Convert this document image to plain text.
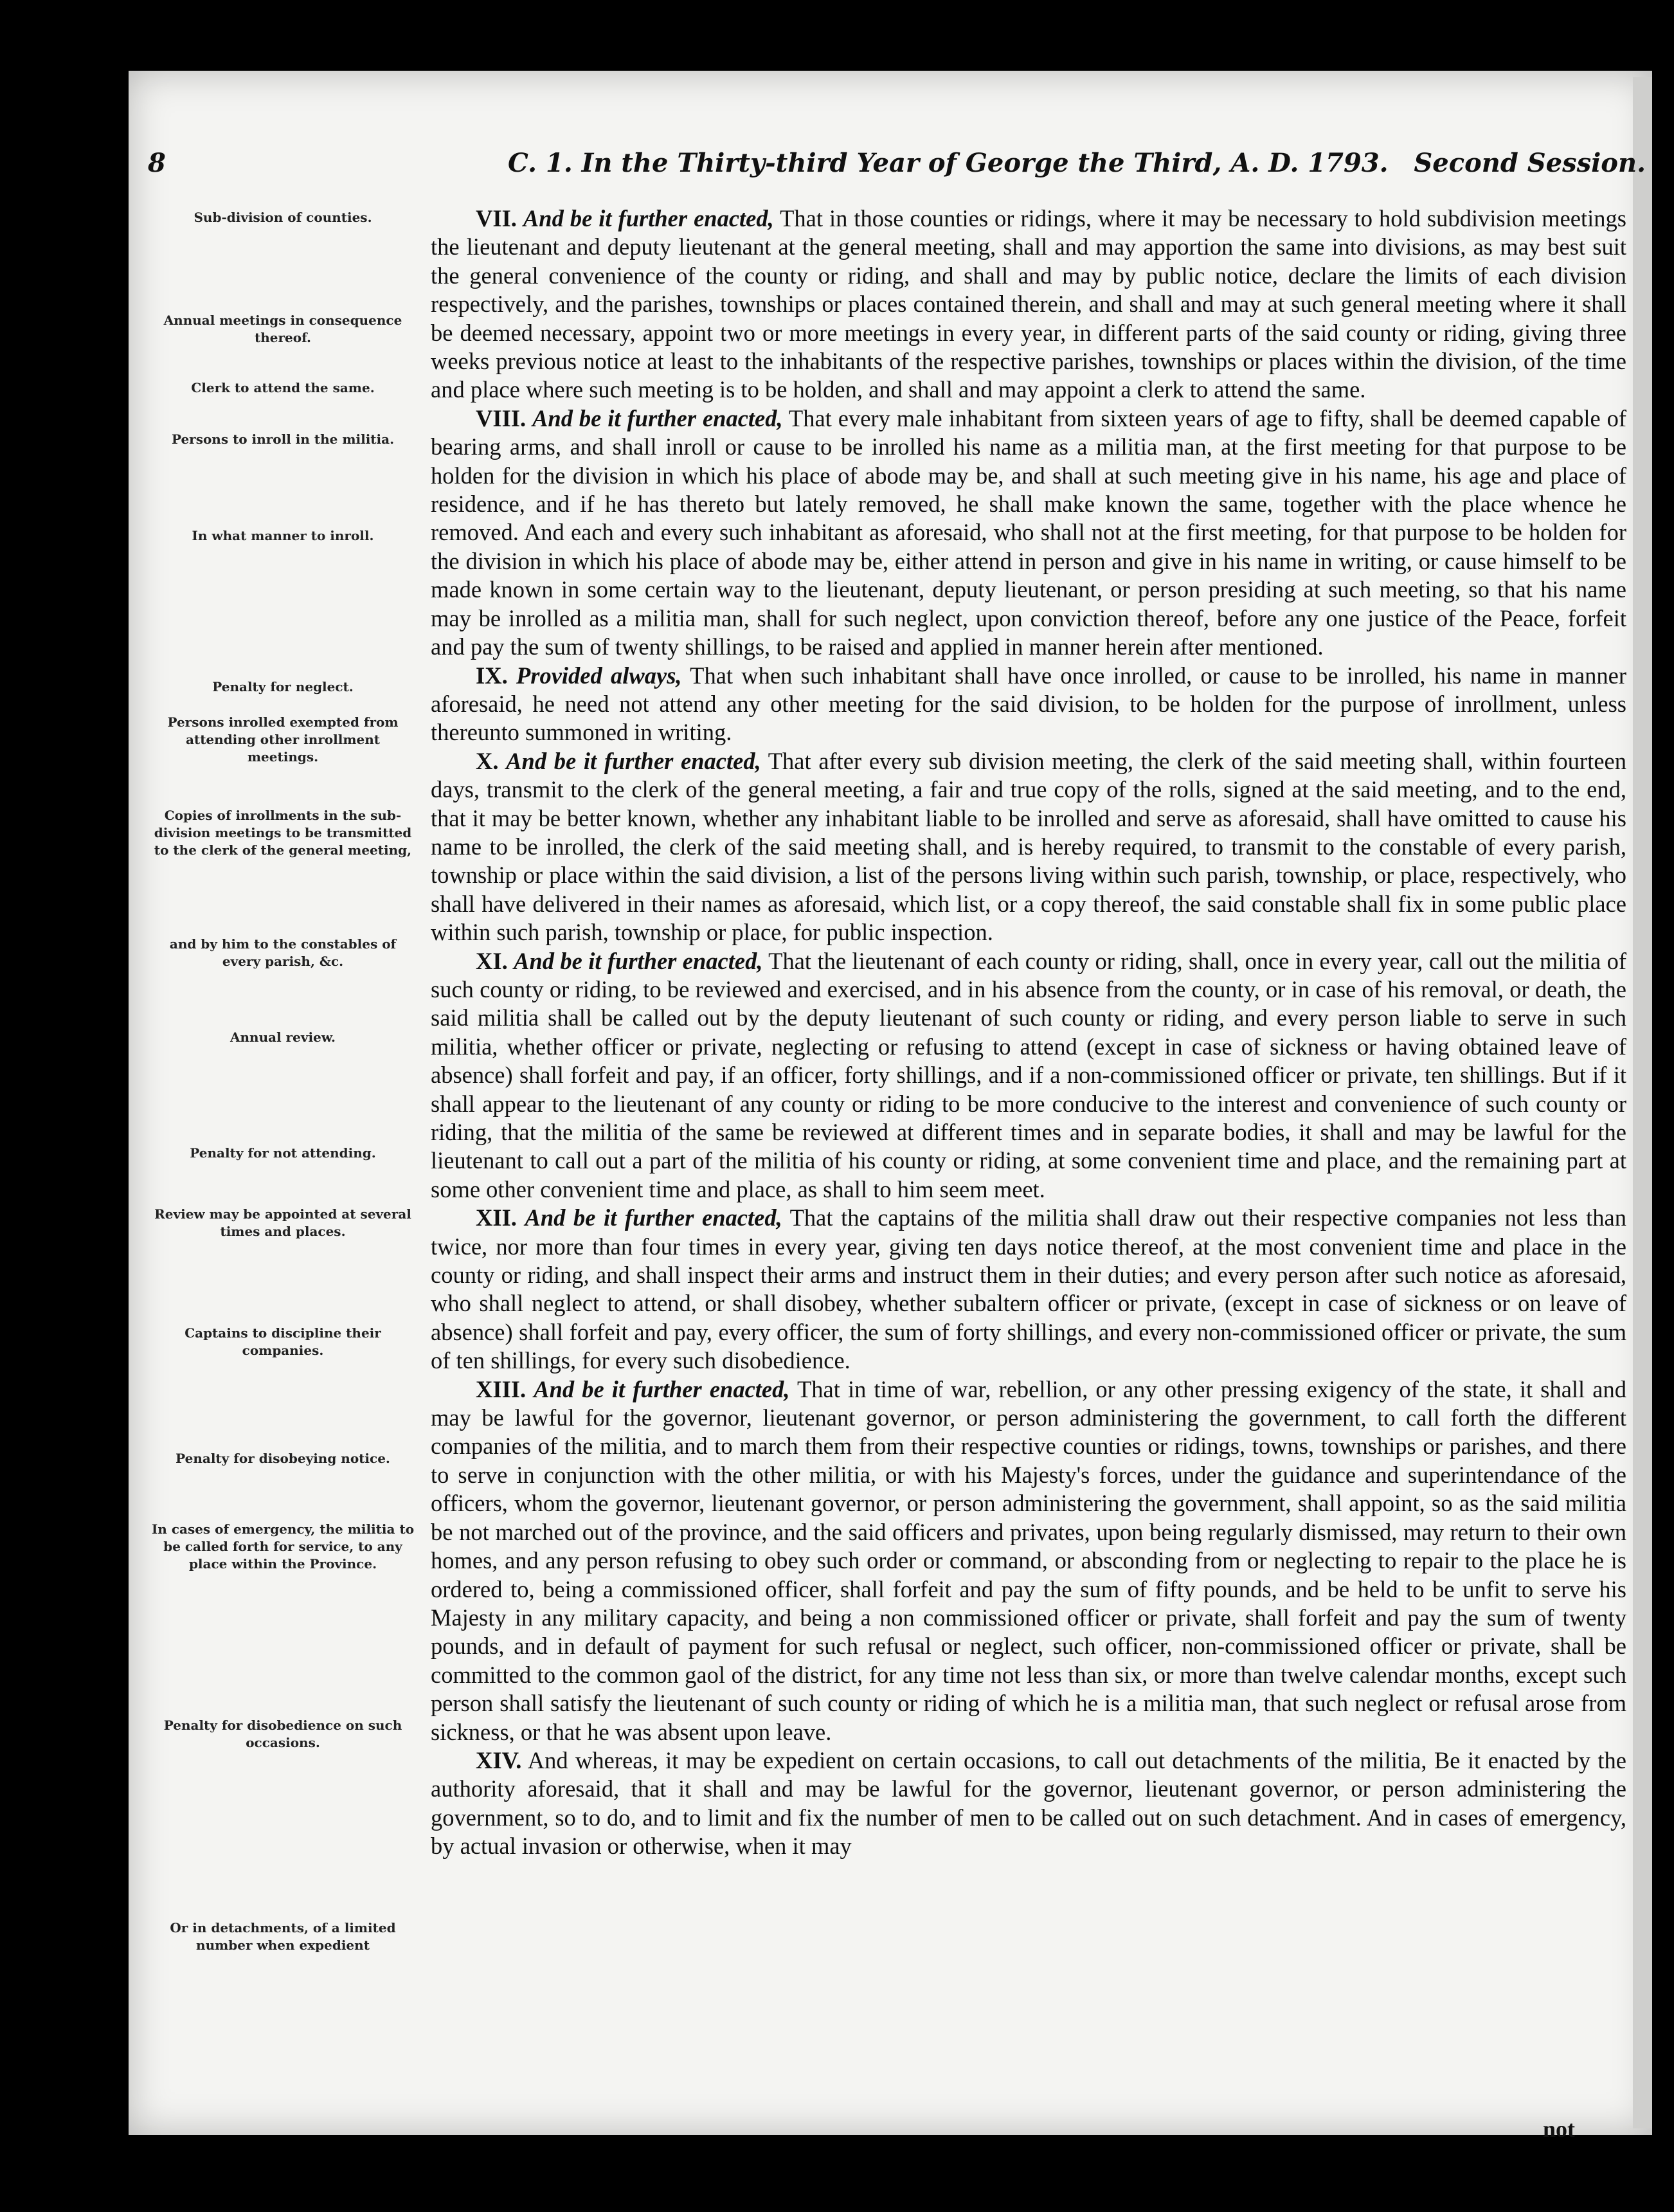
8	C. 1. In the Thirty-third Year of George the Third, A. D. 1793. Second Session.
Sub-division of counties.
Annual meetings in consequence thereof.
Clerk to attend the same.
Persons to inroll in the militia.
In what manner to inroll.
Penalty for neglect.
Persons inrolled exempted from attending other inrollment meetings.
Copies of inrollments in the sub-division meetings to be transmitted to the clerk of the general meeting,
and by him to the constables of every parish, &c.
Annual review.
Penalty for not attending.
Review may be appointed at several times and places.
Captains to discipline their companies.
Penalty for disobeying notice.
In cases of emergency, the militia to be called forth for service, to any place within the Province.
Penalty for disobedience on such occasions.
Or in detachments, of a limited number when expedient

VII. And be it further enacted, That in those counties or ridings, where it may be necessary to hold subdivision meetings the lieutenant and deputy lieutenant at the general meeting, shall and may apportion the same into divisions, as may best suit the general convenience of the county or riding, and shall and may by public notice, declare the limits of each division respectively, and the parishes, townships or places contained therein, and shall and may at such general meeting where it shall be deemed necessary, appoint two or more meetings in every year, in different parts of the said county or riding, giving three weeks previous notice at least to the inhabitants of the respective parishes, townships or places within the division, of the time and place where such meeting is to be holden, and shall and may appoint a clerk to attend the same.

VIII. And be it further enacted, That every male inhabitant from sixteen years of age to fifty, shall be deemed capable of bearing arms, and shall inroll or cause to be inrolled his name as a militia man, at the first meeting for that purpose to be holden for the division in which his place of abode may be, and shall at such meeting give in his name, his age and place of residence, and if he has thereto but lately removed, he shall make known the same, together with the place whence he removed. And each and every such inhabitant as aforesaid, who shall not at the first meeting, for that purpose to be holden for the division in which his place of abode may be, either attend in person and give in his name in writing, or cause himself to be made known in some certain way to the lieutenant, deputy lieutenant, or person presiding at such meeting, so that his name may be inrolled as a militia man, shall for such neglect, upon conviction thereof, before any one justice of the Peace, forfeit and pay the sum of twenty shillings, to be raised and applied in manner herein after mentioned.

IX. Provided always, That when such inhabitant shall have once inrolled, or cause to be inrolled, his name in manner aforesaid, he need not attend any other meeting for the said division, to be holden for the purpose of inrollment, unless thereunto summoned in writing.

X. And be it further enacted, That after every sub division meeting, the clerk of the said meeting shall, within fourteen days, transmit to the clerk of the general meeting, a fair and true copy of the rolls, signed at the said meeting, and to the end, that it may be better known, whether any inhabitant liable to be inrolled and serve as aforesaid, shall have omitted to cause his name to be inrolled, the clerk of the said meeting shall, and is hereby required, to transmit to the constable of every parish, township or place within the said division, a list of the persons living within such parish, township, or place, respectively, who shall have delivered in their names as aforesaid, which list, or a copy thereof, the said constable shall fix in some public place within such parish, township or place, for public inspection.

XI. And be it further enacted, That the lieutenant of each county or riding, shall, once in every year, call out the militia of such county or riding, to be reviewed and exercised, and in his absence from the county, or in case of his removal, or death, the said militia shall be called out by the deputy lieutenant of such county or riding, and every person liable to serve in such militia, whether officer or private, neglecting or refusing to attend (except in case of sickness or having obtained leave of absence) shall forfeit and pay, if an officer, forty shillings, and if a non-commissioned officer or private, ten shillings. But if it shall appear to the lieutenant of any county or riding to be more conducive to the interest and convenience of such county or riding, that the militia of the same be reviewed at different times and in separate bodies, it shall and may be lawful for the lieutenant to call out a part of the militia of his county or riding, at some convenient time and place, and the remaining part at some other convenient time and place, as shall to him seem meet.

XII. And be it further enacted, That the captains of the militia shall draw out their respective companies not less than twice, nor more than four times in every year, giving ten days notice thereof, at the most convenient time and place in the county or riding, and shall inspect their arms and instruct them in their duties; and every person after such notice as aforesaid, who shall neglect to attend, or shall disobey, whether subaltern officer or private, (except in case of sickness or on leave of absence) shall forfeit and pay, every officer, the sum of forty shillings, and every non-commissioned officer or private, the sum of ten shillings, for every such disobedience.

XIII. And be it further enacted, That in time of war, rebellion, or any other pressing exigency of the state, it shall and may be lawful for the governor, lieutenant governor, or person administering the government, to call forth the different companies of the militia, and to march them from their respective counties or ridings, towns, townships or parishes, and there to serve in conjunction with the other militia, or with his Majesty's forces, under the guidance and superintendance of the officers, whom the governor, lieutenant governor, or person administering the government, shall appoint, so as the said militia be not marched out of the province, and the said officers and privates, upon being regularly dismissed, may return to their own homes, and any person refusing to obey such order or command, or absconding from or neglecting to repair to the place he is ordered to, being a commissioned officer, shall forfeit and pay the sum of fifty pounds, and be held to be unfit to serve his Majesty in any military capacity, and being a non commissioned officer or private, shall forfeit and pay the sum of twenty pounds, and in default of payment for such refusal or neglect, such officer, non-commissioned officer or private, shall be committed to the common gaol of the district, for any time not less than six, or more than twelve calendar months, except such person shall satisfy the lieutenant of such county or riding of which he is a militia man, that such neglect or refusal arose from sickness, or that he was absent upon leave.

XIV. And whereas, it may be expedient on certain occasions, to call out detachments of the militia, Be it enacted by the authority aforesaid, that it shall and may be lawful for the governor, lieutenant governor, or person administering the government, so to do, and to limit and fix the number of men to be called out on such detachment. And in cases of emergency, by actual invasion or otherwise, when it may

not
